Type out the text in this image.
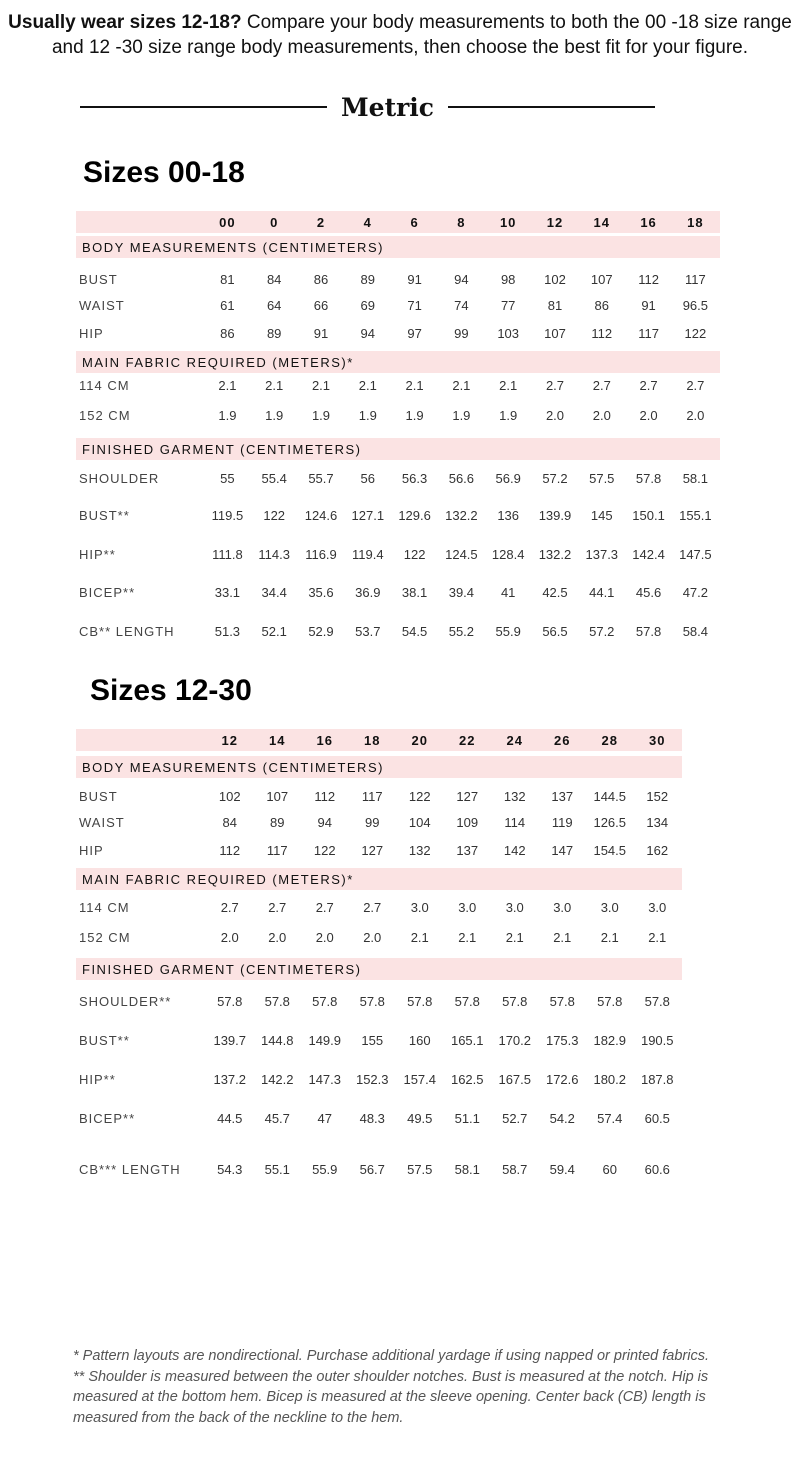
Usually wear sizes 12-18? Compare your body measurements to both the 00 -18 size range and 12 -30 size range body measurements, then choose the best fit for your figure.
Metric
Sizes 00-18
00	0	2	4	6	8	10	12	14	16	18
BODY MEASUREMENTS (CENTIMETERS)
BUST	81	84	86	89	91	94	98	102	107	112	117
WAIST	61	64	66	69	71	74	77	81	86	91	96.5
HIP	86	89	91	94	97	99	103	107	112	117	122
MAIN FABRIC REQUIRED (METERS)*
114 CM	2.1	2.1	2.1	2.1	2.1	2.1	2.1	2.7	2.7	2.7	2.7
152 CM	1.9	1.9	1.9	1.9	1.9	1.9	1.9	2.0	2.0	2.0	2.0
FINISHED GARMENT (CENTIMETERS)
SHOULDER	55	55.4	55.7	56	56.3	56.6	56.9	57.2	57.5	57.8	58.1
BUST**	119.5	122	124.6	127.1	129.6	132.2	136	139.9	145	150.1	155.1
HIP**	111.8	114.3	116.9	119.4	122	124.5	128.4	132.2	137.3	142.4	147.5
BICEP**	33.1	34.4	35.6	36.9	38.1	39.4	41	42.5	44.1	45.6	47.2
CB** LENGTH	51.3	52.1	52.9	53.7	54.5	55.2	55.9	56.5	57.2	57.8	58.4
Sizes 12-30
12	14	16	18	20	22	24	26	28	30
BODY MEASUREMENTS (CENTIMETERS)
BUST	102	107	112	117	122	127	132	137	144.5	152
WAIST	84	89	94	99	104	109	114	119	126.5	134
HIP	112	117	122	127	132	137	142	147	154.5	162
MAIN FABRIC REQUIRED (METERS)*
114 CM	2.7	2.7	2.7	2.7	3.0	3.0	3.0	3.0	3.0	3.0
152 CM	2.0	2.0	2.0	2.0	2.1	2.1	2.1	2.1	2.1	2.1
FINISHED GARMENT (CENTIMETERS)
SHOULDER**	57.8	57.8	57.8	57.8	57.8	57.8	57.8	57.8	57.8	57.8
BUST**	139.7	144.8	149.9	155	160	165.1	170.2	175.3	182.9	190.5
HIP**	137.2	142.2	147.3	152.3	157.4	162.5	167.5	172.6	180.2	187.8
BICEP**	44.5	45.7	47	48.3	49.5	51.1	52.7	54.2	57.4	60.5
CB*** LENGTH	54.3	55.1	55.9	56.7	57.5	58.1	58.7	59.4	60	60.6
* Pattern layouts are nondirectional. Purchase additional yardage if using napped or printed fabrics.
** Shoulder is measured between the outer shoulder notches. Bust is measured at the notch. Hip is measured at the bottom hem. Bicep is measured at the sleeve opening. Center back (CB) length is measured from the back of the neckline to the hem.
